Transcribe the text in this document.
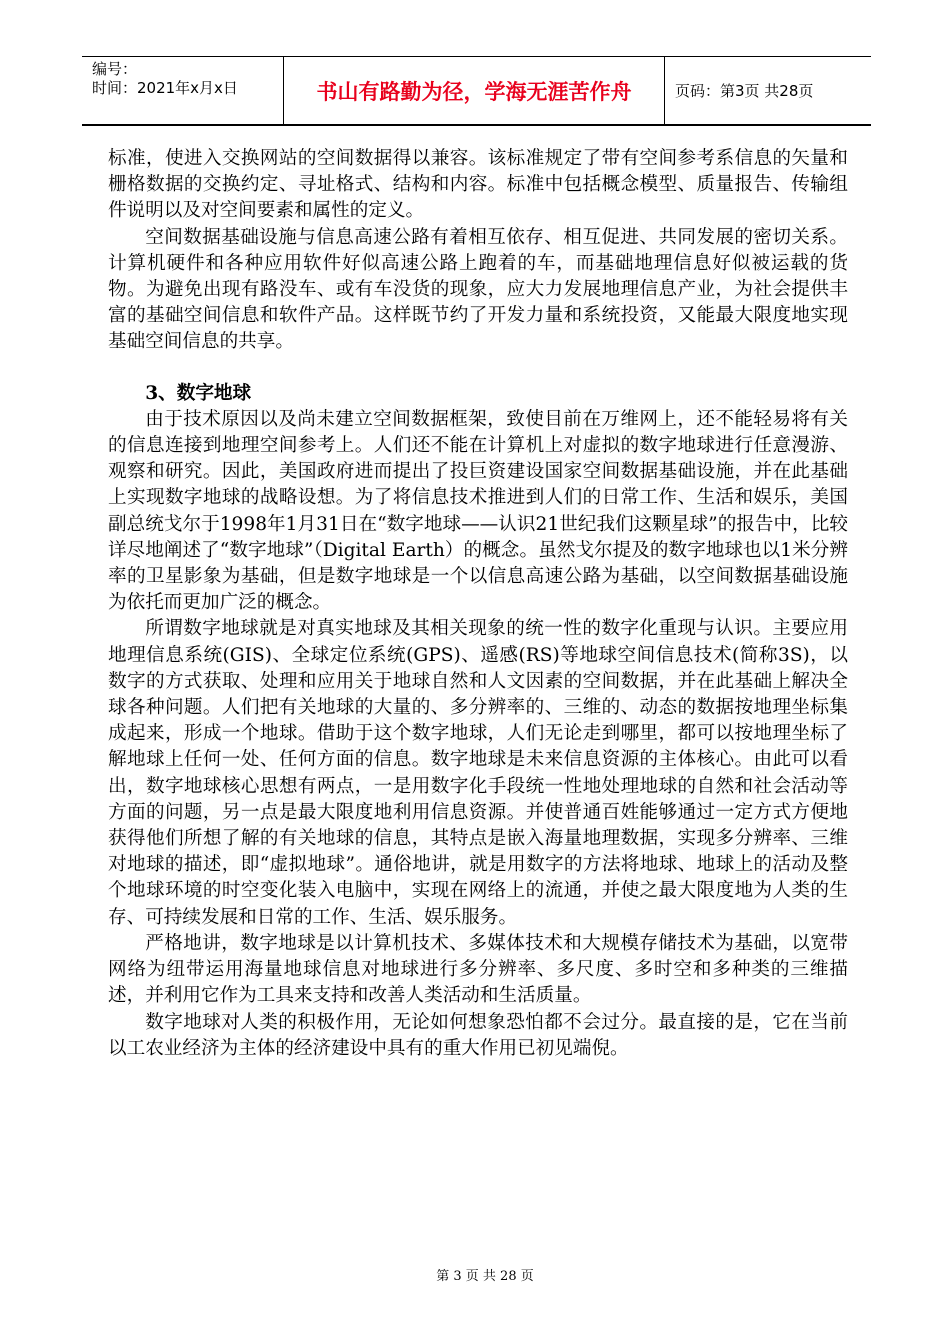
编号：
时间：2021年x月x日	书山有路勤为径，学海无涯苦作舟	页码：第3页 共28页

标准，使进入交换网站的空间数据得以兼容。该标准规定了带有空间参考系信息的矢量和栅格数据的交换约定、寻址格式、结构和内容。标准中包括概念模型、质量报告、传输组件说明以及对空间要素和属性的定义。

空间数据基础设施与信息高速公路有着相互依存、相互促进、共同发展的密切关系。计算机硬件和各种应用软件好似高速公路上跑着的车，而基础地理信息好似被运载的货物。为避免出现有路没车、或有车没货的现象，应大力发展地理信息产业，为社会提供丰富的基础空间信息和软件产品。这样既节约了开发力量和系统投资，又能最大限度地实现基础空间信息的共享。

3、数字地球

由于技术原因以及尚未建立空间数据框架，致使目前在万维网上，还不能轻易将有关的信息连接到地理空间参考上。人们还不能在计算机上对虚拟的数字地球进行任意漫游、观察和研究。因此，美国政府进而提出了投巨资建设国家空间数据基础设施，并在此基础上实现数字地球的战略设想。为了将信息技术推进到人们的日常工作、生活和娱乐，美国副总统戈尔于1998年1月31日在“数字地球——认识21世纪我们这颗星球”的报告中，比较详尽地阐述了“数字地球”（Digital Earth）的概念。虽然戈尔提及的数字地球也以1米分辨率的卫星影象为基础，但是数字地球是一个以信息高速公路为基础，以空间数据基础设施为依托而更加广泛的概念。

所谓数字地球就是对真实地球及其相关现象的统一性的数字化重现与认识。主要应用地理信息系统(GIS)、全球定位系统(GPS)、遥感(RS)等地球空间信息技术(简称3S)，以数字的方式获取、处理和应用关于地球自然和人文因素的空间数据，并在此基础上解决全球各种问题。人们把有关地球的大量的、多分辨率的、三维的、动态的数据按地理坐标集成起来，形成一个地球。借助于这个数字地球，人们无论走到哪里，都可以按地理坐标了解地球上任何一处、任何方面的信息。数字地球是未来信息资源的主体核心。由此可以看出，数字地球核心思想有两点，一是用数字化手段统一性地处理地球的自然和社会活动等方面的问题，另一点是最大限度地利用信息资源。并使普通百姓能够通过一定方式方便地获得他们所想了解的有关地球的信息，其特点是嵌入海量地理数据，实现多分辨率、三维对地球的描述，即“虚拟地球”。通俗地讲，就是用数字的方法将地球、地球上的活动及整个地球环境的时空变化装入电脑中，实现在网络上的流通，并使之最大限度地为人类的生存、可持续发展和日常的工作、生活、娱乐服务。

严格地讲，数字地球是以计算机技术、多媒体技术和大规模存储技术为基础，以宽带网络为纽带运用海量地球信息对地球进行多分辨率、多尺度、多时空和多种类的三维描述，并利用它作为工具来支持和改善人类活动和生活质量。

数字地球对人类的积极作用，无论如何想象恐怕都不会过分。最直接的是，它在当前以工农业经济为主体的经济建设中具有的重大作用已初见端倪。

第 3 页 共 28 页
